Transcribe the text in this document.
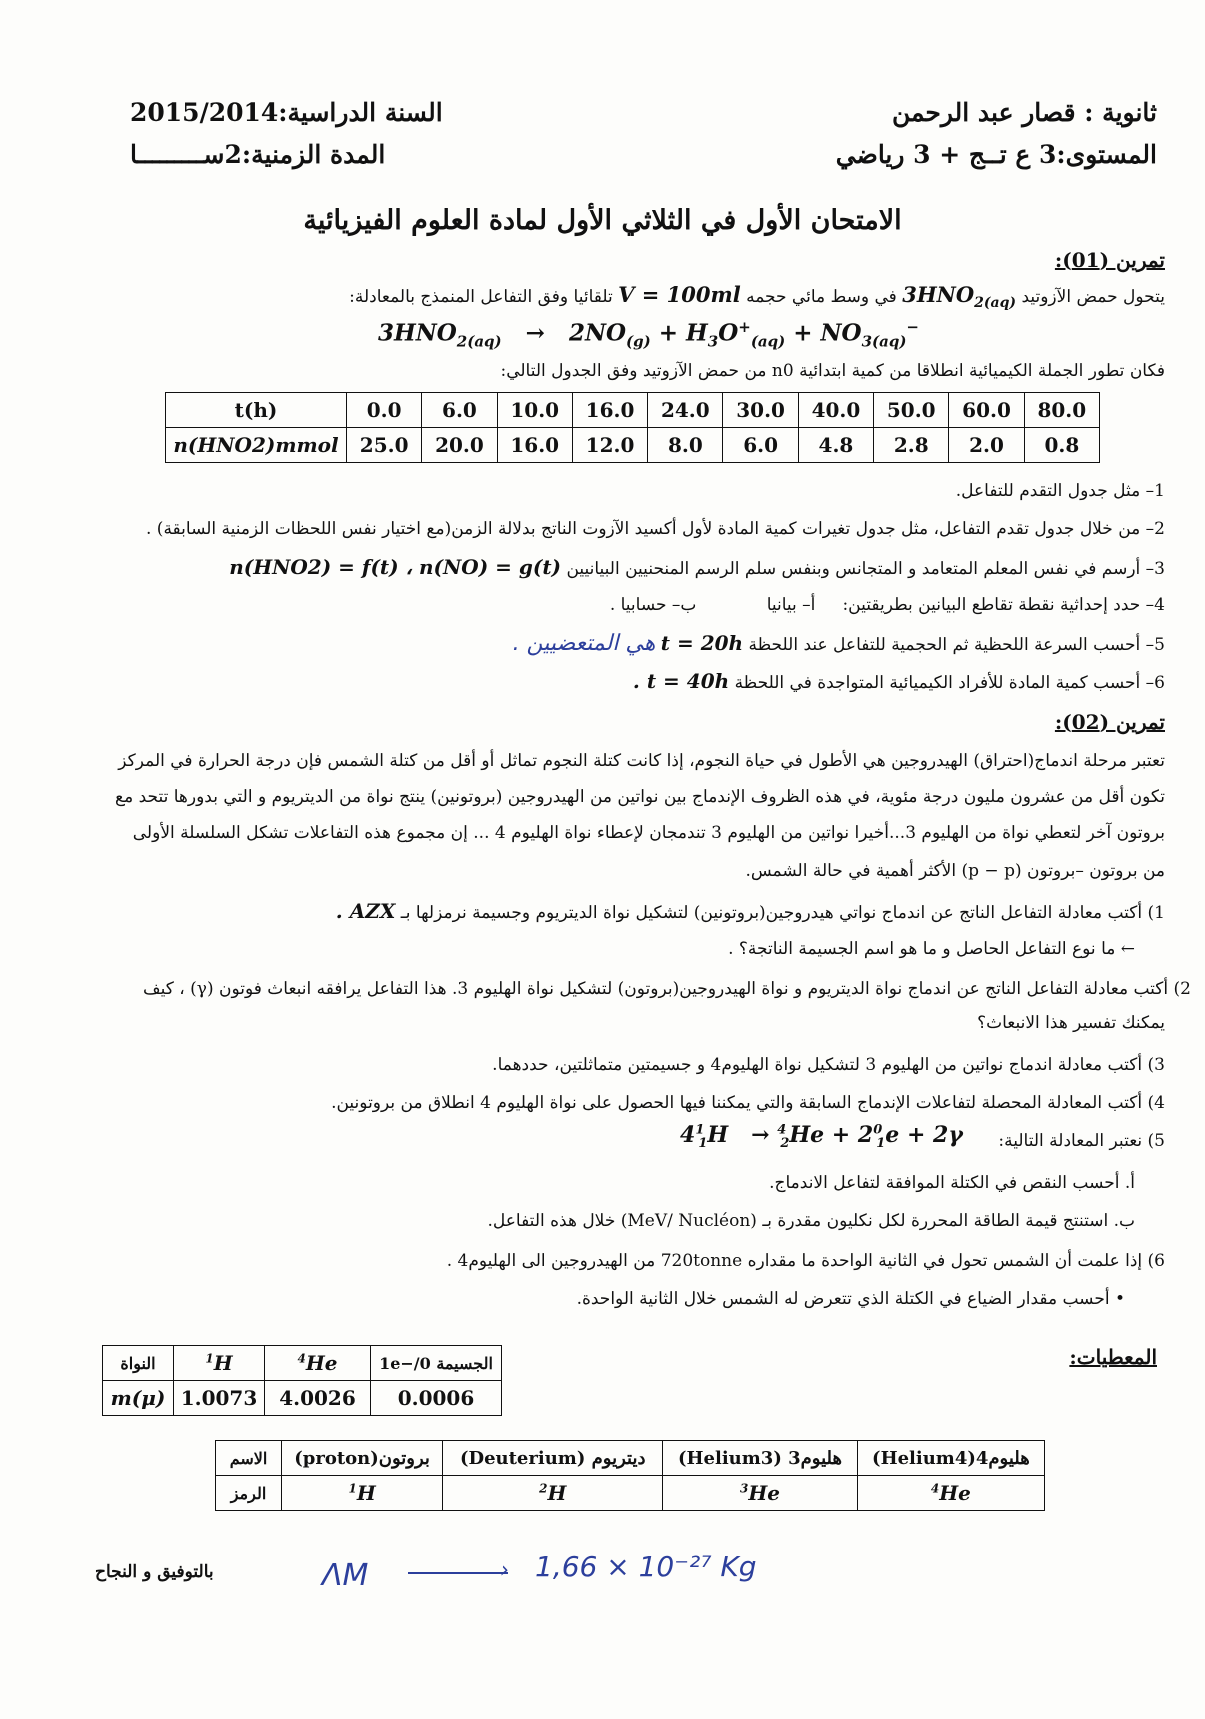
ثانوية : قصار عبد الرحمن
المستوى:3 ع تــج + 3 رياضي
السنة الدراسية:2015/2014
المدة الزمنية:2ســـــــــا
الامتحان الأول في الثلاثي الأول لمادة العلوم الفيزيائية
تمرين (01):
يتحول حمض الآزوتيد $3HNO_{2(aq)}$ في وسط مائي حجمه V = 100ml تلقائيا وفق التفاعل المنمذج بالمعادلة:
$3HNO_{2(aq)} \to 2NO_{(g)} + H_3O^+_{(aq)} + NO_{3(aq)}^-$
فكان تطور الجملة الكيميائية انطلاقا من كمية ابتدائية n0 من حمض الآزوتيد وفق الجدول التالي:
t(h)	0.0	6.0	10.0	16.0	24.0	30.0	40.0	50.0	60.0	80.0
n(HNO2)mmol	25.0	20.0	16.0	12.0	8.0	6.0	4.8	2.8	2.0	0.8
1– مثل جدول التقدم للتفاعل.
2– من خلال جدول تقدم التفاعل، مثل جدول تغيرات كمية المادة لأول أكسيد الآزوت الناتج بدلالة الزمن(مع اختيار نفس اللحظات الزمنية السابقة) .
3– أرسم في نفس المعلم المتعامد و المتجانس وبنفس سلم الرسم المنحنيين البيانيين n(HNO2) = f(t) ، n(NO) = g(t)
4– حدد إحداثية نقطة تقاطع البيانين بطريقتين:     أ– بيانيا             ب– حسابيا .
5– أحسب السرعة اللحظية ثم الحجمية للتفاعل عند اللحظة t = 20h هي المتعضيين .
6– أحسب كمية المادة للأفراد الكيميائية المتواجدة في اللحظة t = 40h .
تمرين (02):
تعتبر مرحلة اندماج(احتراق) الهيدروجين هي الأطول في حياة النجوم، إذا كانت كتلة النجوم تماثل أو أقل من كتلة الشمس فإن درجة الحرارة في المركز
تكون أقل من عشرون مليون درجة مئوية، في هذه الظروف الإندماج بين نواتين من الهيدروجين (بروتونين) ينتج نواة من الديتريوم و التي بدورها تتحد مع
بروتون آخر لتعطي نواة من الهليوم 3...أخيرا نواتين من الهليوم 3 تندمجان لإعطاء نواة الهليوم 4 ... إن مجموع هذه التفاعلات تشكل السلسلة الأولى
من بروتون –بروتون (p − p) الأكثر أهمية في حالة الشمس.
1) أكتب معادلة التفاعل الناتج عن اندماج نواتي هيدروجين(بروتونين) لتشكيل نواة الديتريوم وجسيمة نرمزلها بـ AZX .
← ما نوع التفاعل الحاصل و ما هو اسم الجسيمة الناتجة؟ .
2) أكتب معادلة التفاعل الناتج عن اندماج نواة الديتريوم و نواة الهيدروجين(بروتون) لتشكيل نواة الهليوم 3. هذا التفاعل يرافقه انبعاث فوتون (γ) ، كيف
يمكنك تفسير هذا الانبعاث؟
3) أكتب معادلة اندماج نواتين من الهليوم 3 لتشكيل نواة الهليوم4 و جسيمتين متماثلتين، حددهما.
4) أكتب المعادلة المحصلة لتفاعلات الإندماج السابقة والتي يمكننا فيها الحصول على نواة الهليوم 4 انطلاق من بروتونين.
5) نعتبر المعادلة التالية:
$4^1_1H \to ^4_2He + 2^0_1e + 2\gamma$
أ. أحسب النقص في الكتلة الموافقة لتفاعل الاندماج.
ب. استنتج قيمة الطاقة المحررة لكل نكليون مقدرة بـ (MeV/ Nucléon) خلال هذه التفاعل.
6) إذا علمت أن الشمس تحول في الثانية الواحدة ما مقداره 720tonne من الهيدروجين الى الهليوم4 .
• أحسب مقدار الضياع في الكتلة الذي تتعرض له الشمس خلال الثانية الواحدة.
المعطيات:
النواة	$^1$H	$^4$He	الجسيمة 0/−1e
m(μ)	1.0073	4.0026	0.0006
الاسم	(proton)بروتون	(Deuterium) ديتريوم	(Helium3) هليوم3	(Helium4)هليوم4
الرمز	$^1$H	$^2$H	$^3$He	$^4$He
بالتوفيق و النجاح	ΛM	› 1,66 × 10⁻²⁷ Kg
